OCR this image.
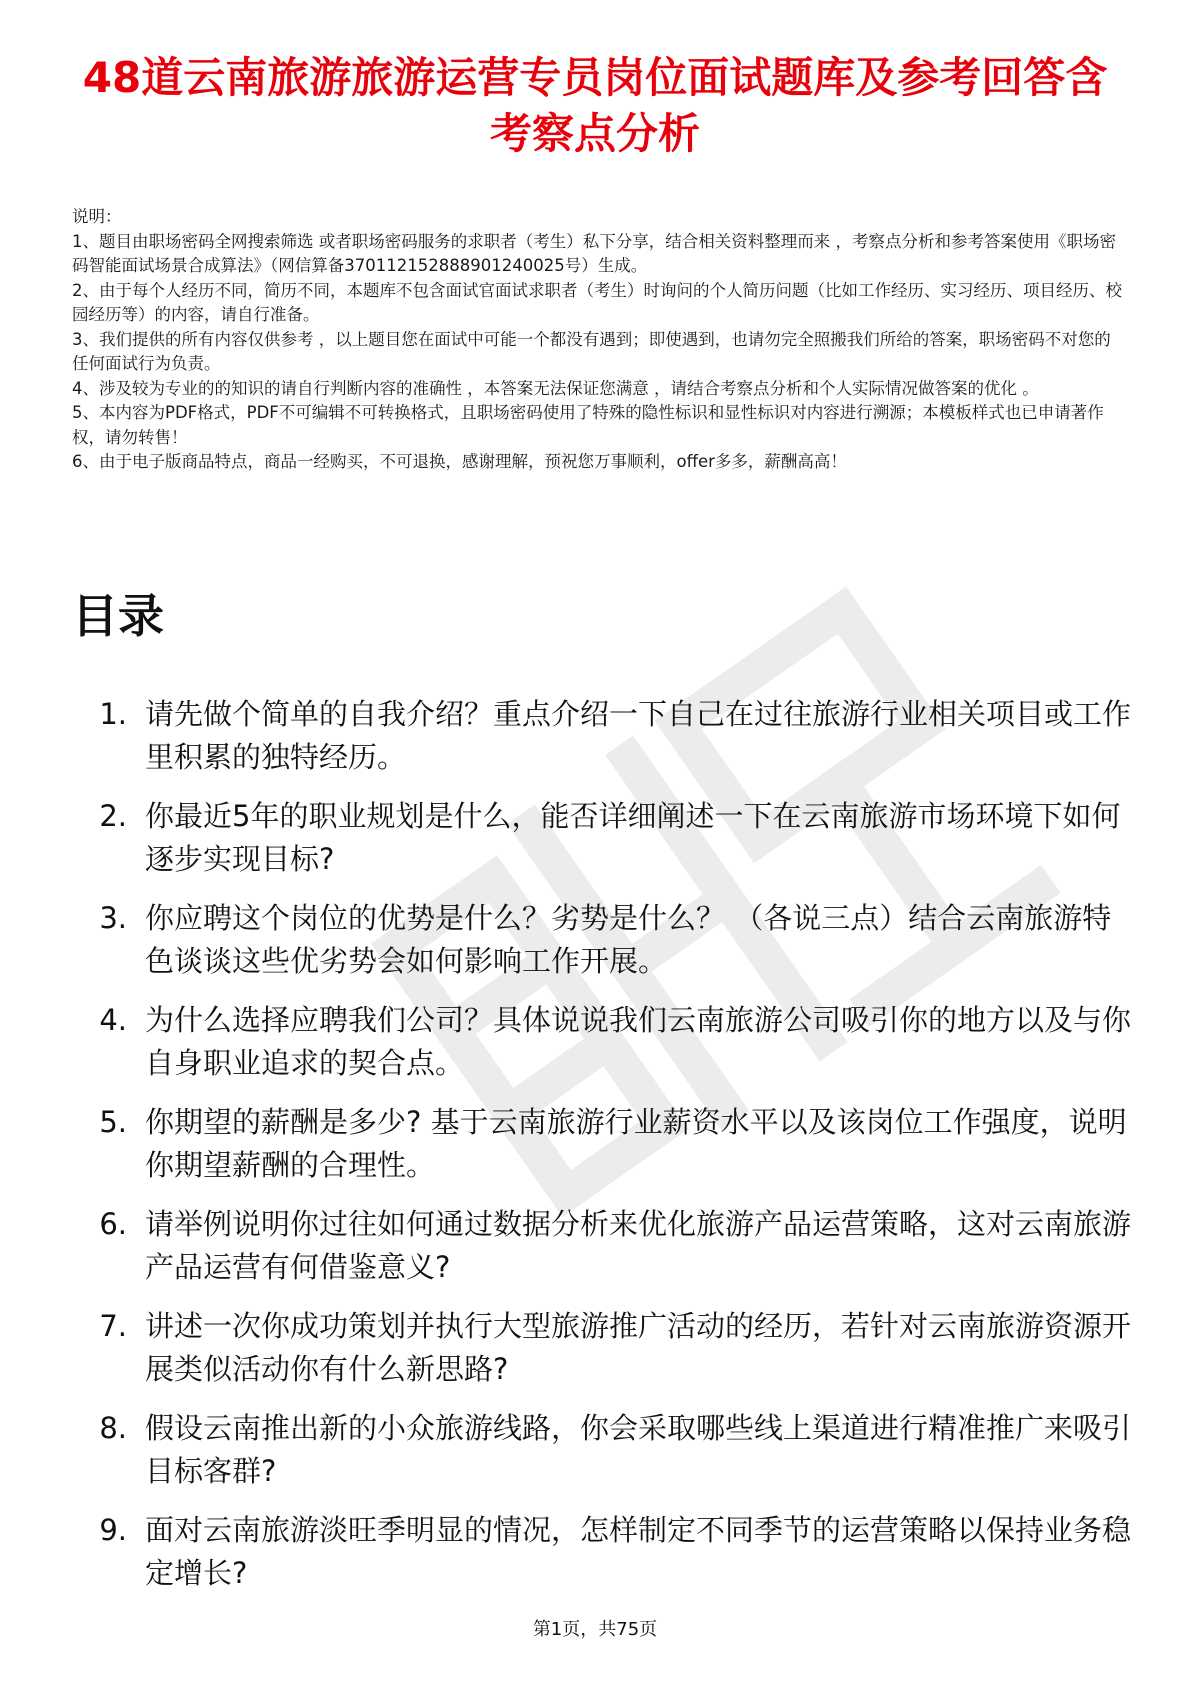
48道云南旅游旅游运营专员岗位面试题库及参考回答含考察点分析

说明：

1、题目由职场密码全网搜索筛选 或者职场密码服务的求职者（考生）私下分享，结合相关资料整理而来 ，考察点分析和参考答案使用《职场密码智能面试场景合成算法》（网信算备370112152888901240025号）生成。

2、由于每个人经历不同，简历不同，本题库不包含面试官面试求职者（考生）时询问的个人简历问题（比如工作经历、实习经历、项目经历、校园经历等）的内容，请自行准备。

3、我们提供的所有内容仅供参考 ，以上题目您在面试中可能一个都没有遇到；即使遇到，也请勿完全照搬我们所给的答案，职场密码不对您的任何面试行为负责。

4、涉及较为专业的的知识的请自行判断内容的准确性 ，本答案无法保证您满意 ，请结合考察点分析和个人实际情况做答案的优化 。

5、本内容为PDF格式，PDF不可编辑不可转换格式，且职场密码使用了特殊的隐性标识和显性标识对内容进行溯源；本模板样式也已申请著作权，请勿转售！

6、由于电子版商品特点，商品一经购买，不可退换，感谢理解，预祝您万事顺利，offer多多，薪酬高高！

目录
1. 请先做个简单的自我介绍？重点介绍一下自己在过往旅游行业相关项目或工作里积累的独特经历。
2. 你最近5年的职业规划是什么，能否详细阐述一下在云南旅游市场环境下如何逐步实现目标?
3. 你应聘这个岗位的优势是什么？劣势是什么？ （各说三点）结合云南旅游特色谈谈这些优劣势会如何影响工作开展。
4. 为什么选择应聘我们公司？具体说说我们云南旅游公司吸引你的地方以及与你自身职业追求的契合点。
5. 你期望的薪酬是多少? 基于云南旅游行业薪资水平以及该岗位工作强度，说明你期望薪酬的合理性。
6. 请举例说明你过往如何通过数据分析来优化旅游产品运营策略，这对云南旅游产品运营有何借鉴意义?
7. 讲述一次你成功策划并执行大型旅游推广活动的经历，若针对云南旅游资源开展类似活动你有什么新思路?
8. 假设云南推出新的小众旅游线路，你会采取哪些线上渠道进行精准推广来吸引目标客群?
9. 面对云南旅游淡旺季明显的情况，怎样制定不同季节的运营策略以保持业务稳定增长?
第1页，共75页
